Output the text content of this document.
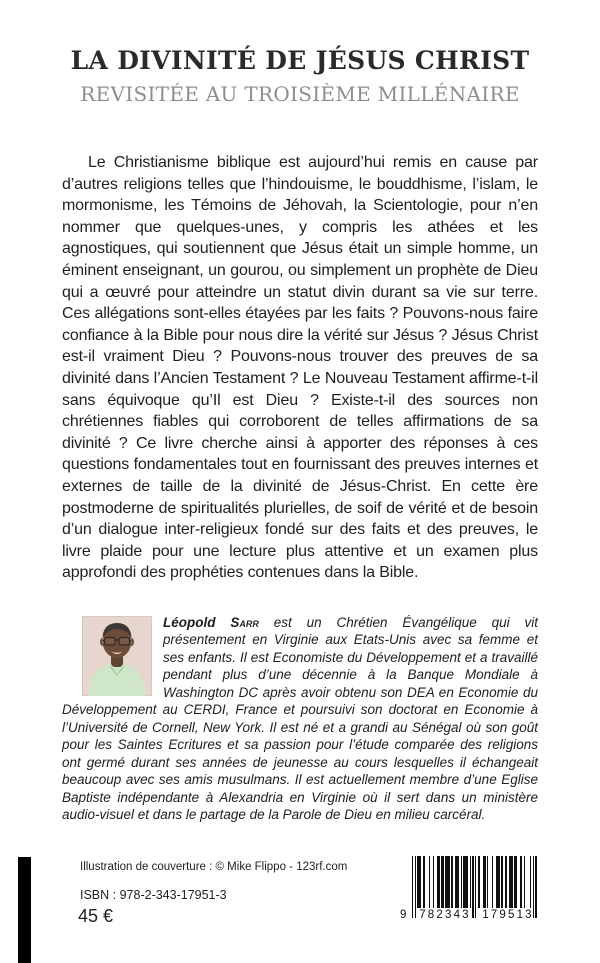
LA DIVINITÉ DE JÉSUS CHRIST
REVISITÉE AU TROISIÈME MILLÉNAIRE

Le Christianisme biblique est aujourd’hui remis en cause par d’autres religions telles que l’hindouisme, le bouddhisme, l’islam, le mormonisme, les Témoins de Jéhovah, la Scientologie, pour n’en nommer que quelques-unes, y compris les athées et les agnostiques, qui soutiennent que Jésus était un simple homme, un éminent enseignant, un gourou, ou simplement un prophète de Dieu qui a œuvré pour atteindre un statut divin durant sa vie sur terre. Ces allégations sont-elles étayées par les faits ? Pouvons-nous faire confiance à la Bible pour nous dire la vérité sur Jésus ? Jésus Christ est-il vraiment Dieu ? Pouvons-nous trouver des preuves de sa divinité dans l’Ancien Testament ? Le Nouveau Testament affirme-t-il sans équivoque qu’Il est Dieu ? Existe-t-il des sources non chrétiennes fiables qui corroborent de telles affirmations de sa divinité ? Ce livre cherche ainsi à apporter des réponses à ces questions fondamentales tout en fournissant des preuves internes et externes de taille de la divinité de Jésus-Christ. En cette ère postmoderne de spiritualités plurielles, de soif de vérité et de besoin d’un dialogue inter-religieux fondé sur des faits et des preuves, le livre plaide pour une lecture plus attentive et un examen plus approfondi des prophéties contenues dans la Bible.

Léopold Sarr est un Chrétien Évangélique qui vit présentement en Virginie aux Etats-Unis avec sa femme et ses enfants. Il est Economiste du Développement et a travaillé pendant plus d’une décennie à la Banque Mondiale à Washington DC après avoir obtenu son DEA en Economie du Développement au CERDI, France et poursuivi son doctorat en Economie à l’Université de Cornell, New York. Il est né et a grandi au Sénégal où son goût pour les Saintes Ecritures et sa passion pour l’étude comparée des religions ont germé durant ses années de jeunesse au cours lesquelles il échangeait beaucoup avec ses amis musulmans. Il est actuellement membre d’une Eglise Baptiste indépendante à Alexandria en Virginie où il sert dans un ministère audio-visuel et dans le partage de la Parole de Dieu en milieu carcéral.
Illustration de couverture : © Mike Flippo - 123rf.com
ISBN : 978-2-343-17951-3
45 €	9 782343 179513
